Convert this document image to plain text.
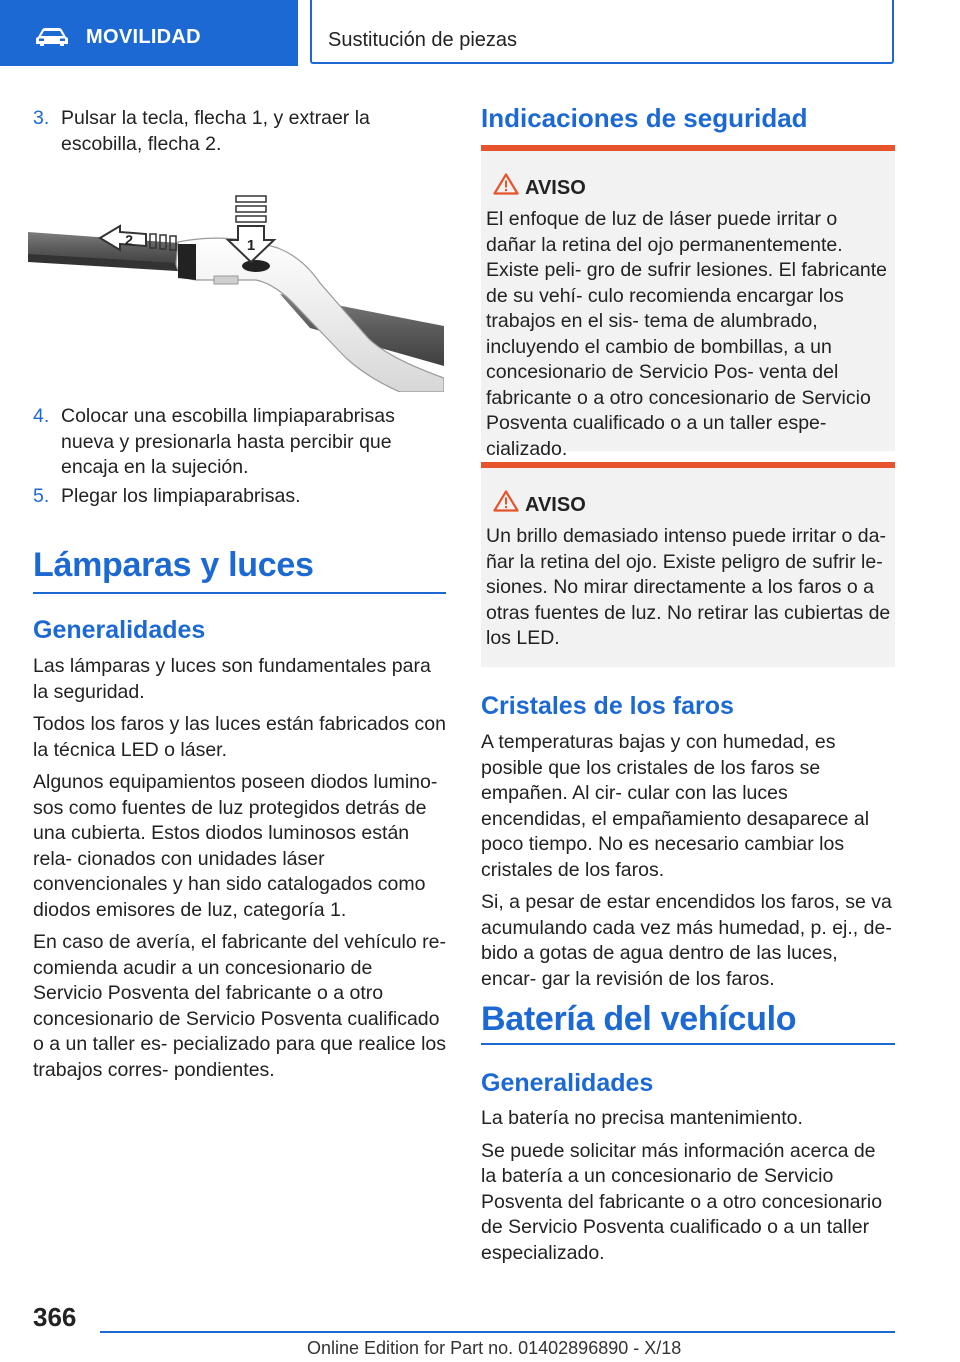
MOVILIDAD	Sustitución de piezas
3. Pulsar la tecla, flecha 1, y extraer la escobilla, flecha 2.
1
2
4. Colocar una escobilla limpiaparabrisas nueva y presionarla hasta percibir que encaja en la sujeción.
5. Plegar los limpiaparabrisas.
Lámparas y luces
Generalidades

Las lámparas y luces son fundamentales para la seguridad.

Todos los faros y las luces están fabricados con la técnica LED o láser.

Algunos equipamientos poseen diodos lumino- sos como fuentes de luz protegidos detrás de una cubierta. Estos diodos luminosos están rela- cionados con unidades láser convencionales y han sido catalogados como diodos emisores de luz, categoría 1.

En caso de avería, el fabricante del vehículo re- comienda acudir a un concesionario de Servicio Posventa del fabricante o a otro concesionario de Servicio Posventa cualificado o a un taller es- pecializado para que realice los trabajos corres- pondientes.

Indicaciones de seguridad
AVISO
El enfoque de luz de láser puede irritar o dañar la retina del ojo permanentemente. Existe peli- gro de sufrir lesiones. El fabricante de su vehí- culo recomienda encargar los trabajos en el sis- tema de alumbrado, incluyendo el cambio de bombillas, a un concesionario de Servicio Pos- venta del fabricante o a otro concesionario de Servicio Posventa cualificado o a un taller espe- cializado.
AVISO
Un brillo demasiado intenso puede irritar o da- ñar la retina del ojo. Existe peligro de sufrir le- siones. No mirar directamente a los faros o a otras fuentes de luz. No retirar las cubiertas de los LED.
Cristales de los faros

A temperaturas bajas y con humedad, es posible que los cristales de los faros se empañen. Al cir- cular con las luces encendidas, el empañamiento desaparece al poco tiempo. No es necesario cambiar los cristales de los faros.

Si, a pesar de estar encendidos los faros, se va acumulando cada vez más humedad, p. ej., de- bido a gotas de agua dentro de las luces, encar- gar la revisión de los faros.

Batería del vehículo
Generalidades

La batería no precisa mantenimiento.

Se puede solicitar más información acerca de la batería a un concesionario de Servicio Posventa del fabricante o a otro concesionario de Servicio Posventa cualificado o a un taller especializado.

366
Online Edition for Part no. 01402896890 - X/18
